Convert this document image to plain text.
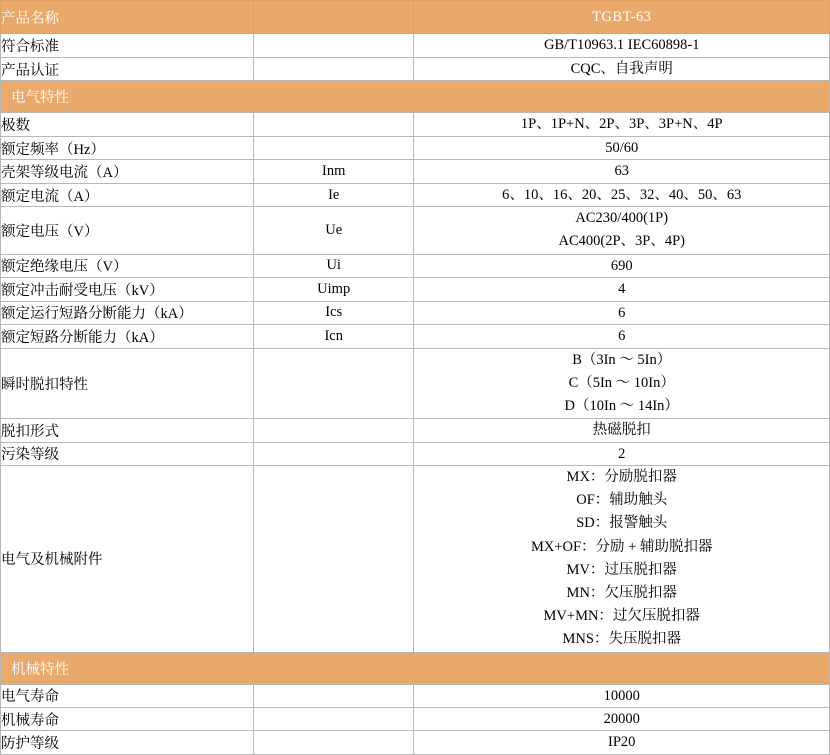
产品名称		TGBT-63
符合标准		GB/T10963.1 IEC60898-1
产品认证		CQC、自我声明
电气特性		
极数		1P、1P+N、2P、3P、3P+N、4P
额定频率（Hz）		50/60
壳架等级电流（A）	Inm	63
额定电流（A）	Ie	6、10、16、20、25、32、40、50、63
额定电压（V）	Ue	AC230/400(1P)
AC400(2P、3P、4P)
额定绝缘电压（V）	Ui	690
额定冲击耐受电压（kV）	Uimp	4
额定运行短路分断能力（kA）	Ics	6
额定短路分断能力（kA）	Icn	6
瞬时脱扣特性		B（3In ～ 5In）
C（5In ～ 10In）
D（10In ～ 14In）
脱扣形式		热磁脱扣
污染等级		2
电气及机械附件		MX：分励脱扣器
OF：辅助触头
SD：报警触头
MX+OF：分励 + 辅助脱扣器
MV：过压脱扣器
MN：欠压脱扣器
MV+MN：过欠压脱扣器
MNS：失压脱扣器
机械特性		
电气寿命		10000
机械寿命		20000
防护等级		IP20
